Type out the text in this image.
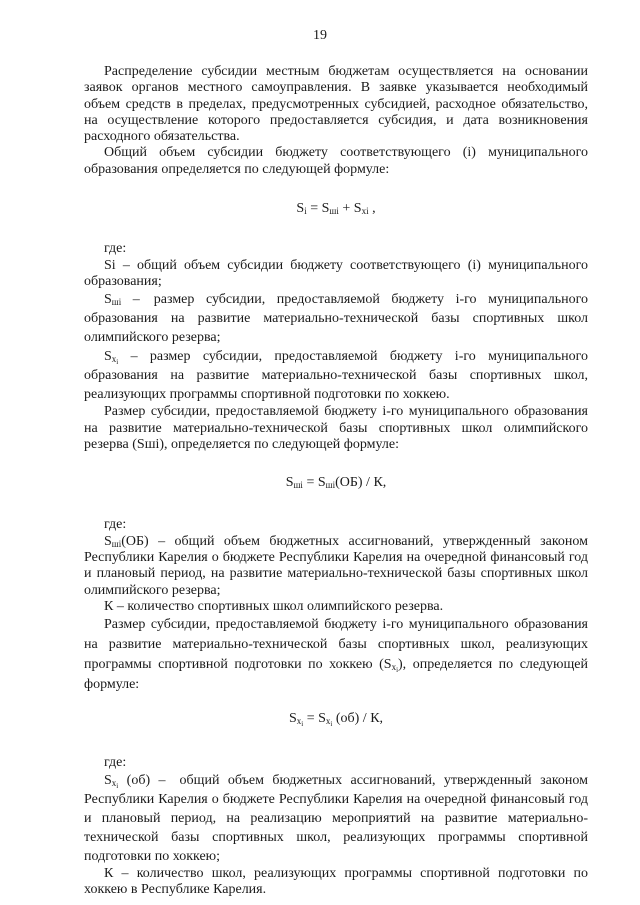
19

Распределение субсидии местным бюджетам осуществляется на основании заявок органов местного самоуправления. В заявке указывается необходимый объем средств в пределах, предусмотренных субсидией, расходное обязательство, на осуществление которого предоставляется субсидия, и дата возникновения расходного обязательства.

Общий объем субсидии бюджету соответствующего (i) муниципального образования определяется по следующей формуле:

$S_i = S_{шi} + S_{xi}$ ,

где:

Si – общий объем субсидии бюджету соответствующего (i) муниципального образования;

$S_{шi}$ – размер субсидии, предоставляемой бюджету i-го муниципального образования на развитие материально-технической базы спортивных школ олимпийского резерва;

$S_{x_i}$ – размер субсидии, предоставляемой бюджету i-го муниципального образования на развитие материально-технической базы спортивных школ, реализующих программы спортивной подготовки по хоккею.

Размер субсидии, предоставляемой бюджету i-го муниципального образования на развитие материально-технической базы спортивных школ олимпийского резерва (Sшi), определяется по следующей формуле:

$S_{шi} = S_{шi}(ОБ) / К$,

где:

$S_{шi}(ОБ)$ – общий объем бюджетных ассигнований, утвержденный законом Республики Карелия о бюджете Республики Карелия на очередной финансовый год и плановый период, на развитие материально-технической базы спортивных школ олимпийского резерва;

К – количество спортивных школ олимпийского резерва.

Размер субсидии, предоставляемой бюджету i-го муниципального образования на развитие материально-технической базы спортивных школ, реализующих программы спортивной подготовки по хоккею $(S_{x_i})$, определяется по следующей формуле:

$S_{x_i} = S_{x_i}$ (об) / К,

где:

$S_{x_i}$ (об) – общий объем бюджетных ассигнований, утвержденный законом Республики Карелия о бюджете Республики Карелия на очередной финансовый год и плановый период, на реализацию мероприятий на развитие материально-технической базы спортивных школ, реализующих программы спортивной подготовки по хоккею;

К – количество школ, реализующих программы спортивной подготовки по хоккею в Республике Карелия.
